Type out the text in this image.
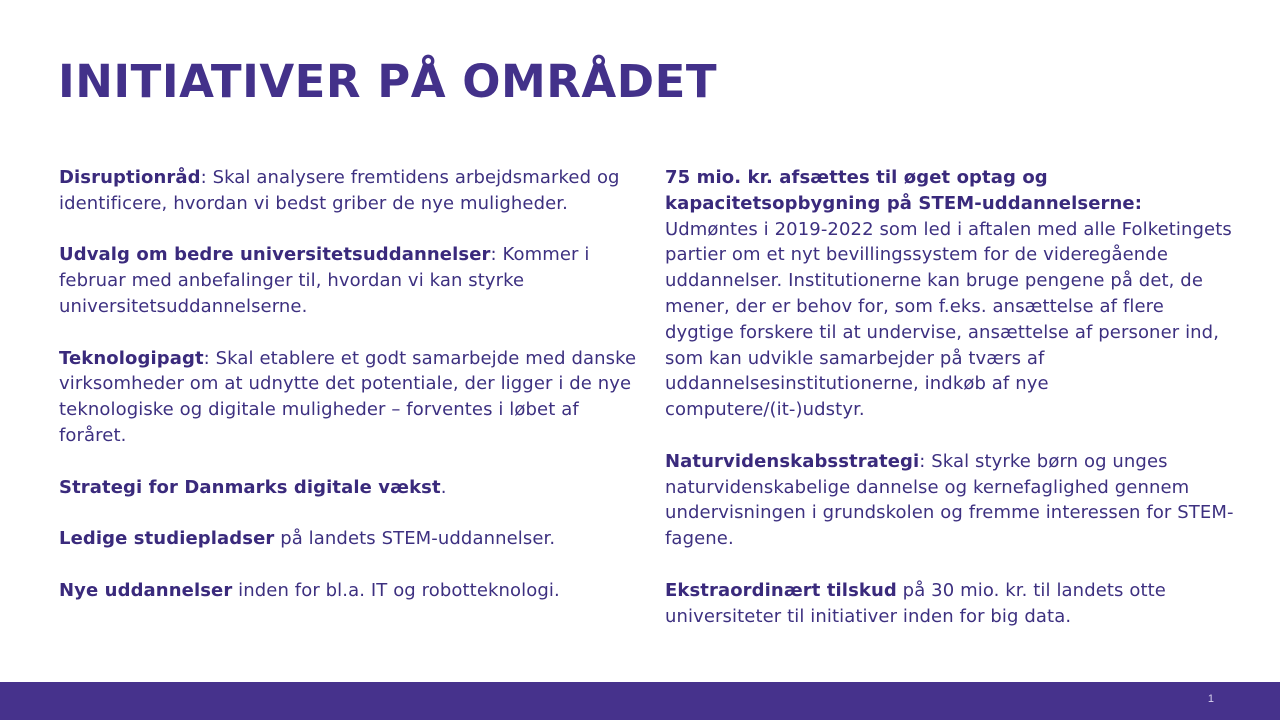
INITIATIVER PÅ OMRÅDET

Disruptionråd: Skal analysere fremtidens arbejdsmarked og identificere, hvordan vi bedst griber de nye muligheder.

Udvalg om bedre universitetsuddannelser: Kommer i februar med anbefalinger til, hvordan vi kan styrke universitetsuddannelserne.

Teknologipagt: Skal etablere et godt samarbejde med danske virksomheder om at udnytte det potentiale, der ligger i de nye teknologiske og digitale muligheder – forventes i løbet af foråret.

Strategi for Danmarks digitale vækst.

Ledige studiepladser på landets STEM-uddannelser.

Nye uddannelser inden for bl.a. IT og robotteknologi.

75 mio. kr. afsættes til øget optag og kapacitetsopbygning på STEM-uddannelserne: Udmøntes i 2019-2022 som led i aftalen med alle Folketingets partier om et nyt bevillingssystem for de videregående uddannelser. Institutionerne kan bruge pengene på det, de mener, der er behov for, som f.eks. ansættelse af flere dygtige forskere til at undervise, ansættelse af personer ind, som kan udvikle samarbejder på tværs af uddannelsesinstitutionerne, indkøb af nye computere/(it-)udstyr.

Naturvidenskabsstrategi: Skal styrke børn og unges naturvidenskabelige dannelse og kernefaglighed gennem undervisningen i grundskolen og fremme interessen for STEM-fagene.

Ekstraordinært tilskud på 30 mio. kr. til landets otte universiteter til initiativer inden for big data.

1
